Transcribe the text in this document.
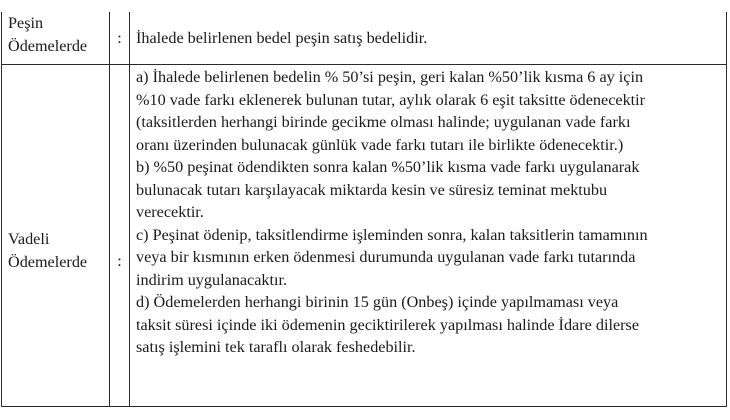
Peşin
Ödemelerde	: İhalede belirlenen bedel peşin satış bedelidir.
Vadeli
Ödemelerde	:
a) İhalede belirlenen bedelin % 50’si peşin, geri kalan %50’lik kısma 6 ay için
%10 vade farkı eklenerek bulunan tutar, aylık olarak 6 eşit taksitte ödenecektir
(taksitlerden herhangi birinde gecikme olması halinde; uygulanan vade farkı
oranı üzerinden bulunacak günlük vade farkı tutarı ile birlikte ödenecektir.)
b) %50 peşinat ödendikten sonra kalan %50’lik kısma vade farkı uygulanarak
bulunacak tutarı karşılayacak miktarda kesin ve süresiz teminat mektubu
verecektir.
c) Peşinat ödenip, taksitlendirme işleminden sonra, kalan taksitlerin tamamının
veya bir kısmının erken ödenmesi durumunda uygulanan vade farkı tutarında
indirim uygulanacaktır.
d) Ödemelerden herhangi birinin 15 gün (Onbeş) içinde yapılmaması veya
taksit süresi içinde iki ödemenin geciktirilerek yapılması halinde İdare dilerse
satış işlemini tek taraflı olarak feshedebilir.
